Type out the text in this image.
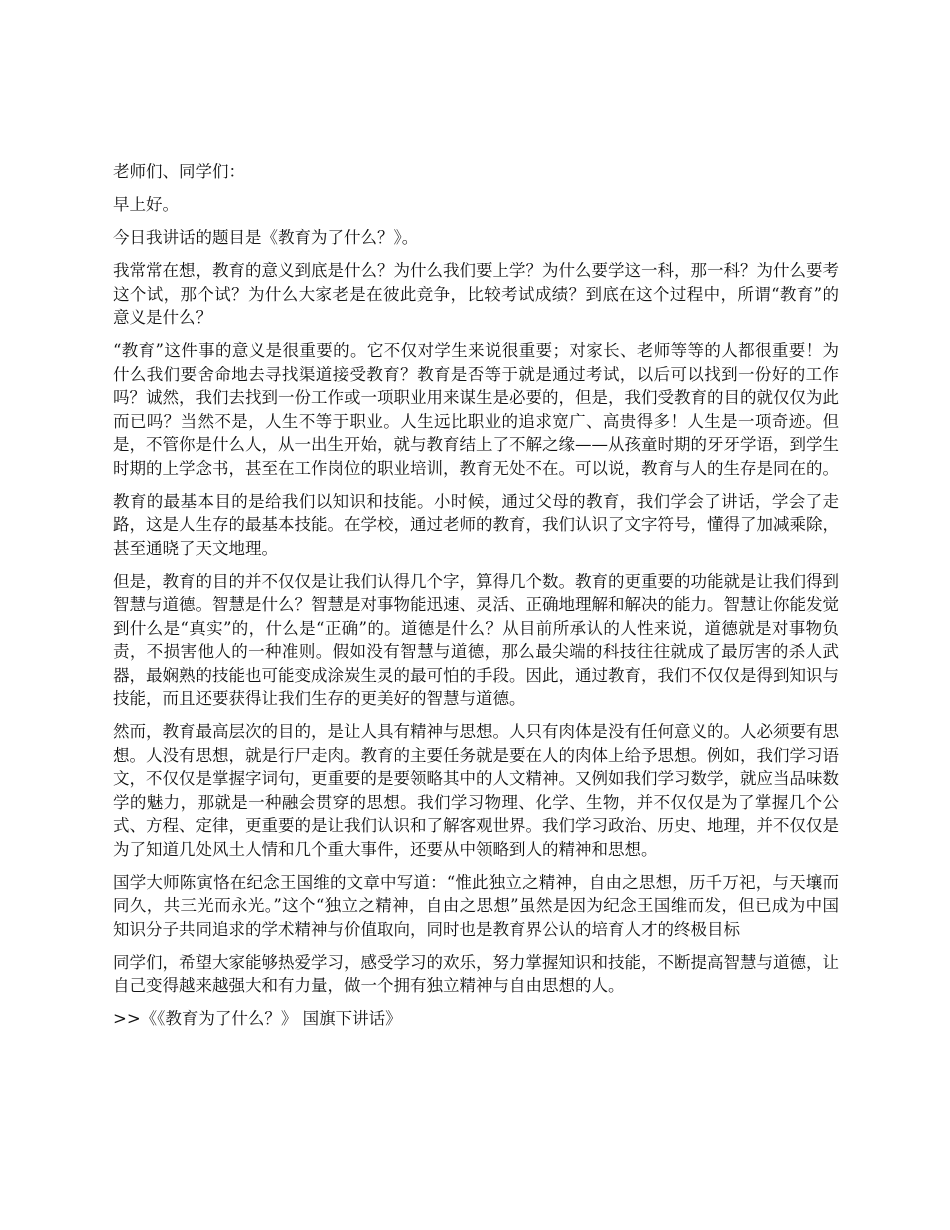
老师们、同学们：

早上好。

今日我讲话的题目是《教育为了什么？》。

我常常在想，教育的意义到底是什么？为什么我们要上学？为什么要学这一科，那一科？为什么要考这个试，那个试？为什么大家老是在彼此竞争，比较考试成绩？到底在这个过程中，所谓“教育”的意义是什么？

“教育”这件事的意义是很重要的。它不仅对学生来说很重要；对家长、老师等等的人都很重要！为什么我们要舍命地去寻找渠道接受教育？教育是否等于就是通过考试，以后可以找到一份好的工作吗？诚然，我们去找到一份工作或一项职业用来谋生是必要的，但是，我们受教育的目的就仅仅为此而已吗？当然不是，人生不等于职业。人生远比职业的追求宽广、高贵得多！人生是一项奇迹。但是，不管你是什么人，从一出生开始，就与教育结上了不解之缘——从孩童时期的牙牙学语，到学生时期的上学念书，甚至在工作岗位的职业培训，教育无处不在。可以说，教育与人的生存是同在的。

教育的最基本目的是给我们以知识和技能。小时候，通过父母的教育，我们学会了讲话，学会了走路，这是人生存的最基本技能。在学校，通过老师的教育，我们认识了文字符号，懂得了加减乘除，甚至通晓了天文地理。

但是，教育的目的并不仅仅是让我们认得几个字，算得几个数。教育的更重要的功能就是让我们得到智慧与道德。智慧是什么？智慧是对事物能迅速、灵活、正确地理解和解决的能力。智慧让你能发觉到什么是“真实”的，什么是“正确”的。道德是什么？从目前所承认的人性来说，道德就是对事物负责，不损害他人的一种准则。假如没有智慧与道德，那么最尖端的科技往往就成了最厉害的杀人武器，最娴熟的技能也可能变成涂炭生灵的最可怕的手段。因此，通过教育，我们不仅仅是得到知识与技能，而且还要获得让我们生存的更美好的智慧与道德。

然而，教育最高层次的目的，是让人具有精神与思想。人只有肉体是没有任何意义的。人必须要有思想。人没有思想，就是行尸走肉。教育的主要任务就是要在人的肉体上给予思想。例如，我们学习语文，不仅仅是掌握字词句，更重要的是要领略其中的人文精神。又例如我们学习数学，就应当品味数学的魅力，那就是一种融会贯穿的思想。我们学习物理、化学、生物，并不仅仅是为了掌握几个公式、方程、定律，更重要的是让我们认识和了解客观世界。我们学习政治、历史、地理，并不仅仅是为了知道几处风土人情和几个重大事件，还要从中领略到人的精神和思想。

国学大师陈寅恪在纪念王国维的文章中写道：“惟此独立之精神，自由之思想，历千万祀，与天壤而同久，共三光而永光。”这个“独立之精神，自由之思想”虽然是因为纪念王国维而发，但已成为中国知识分子共同追求的学术精神与价值取向，同时也是教育界公认的培育人才的终极目标

同学们，希望大家能够热爱学习，感受学习的欢乐，努力掌握知识和技能，不断提高智慧与道德，让自己变得越来越强大和有力量，做一个拥有独立精神与自由思想的人。

>>《《教育为了什么？》 国旗下讲话》
